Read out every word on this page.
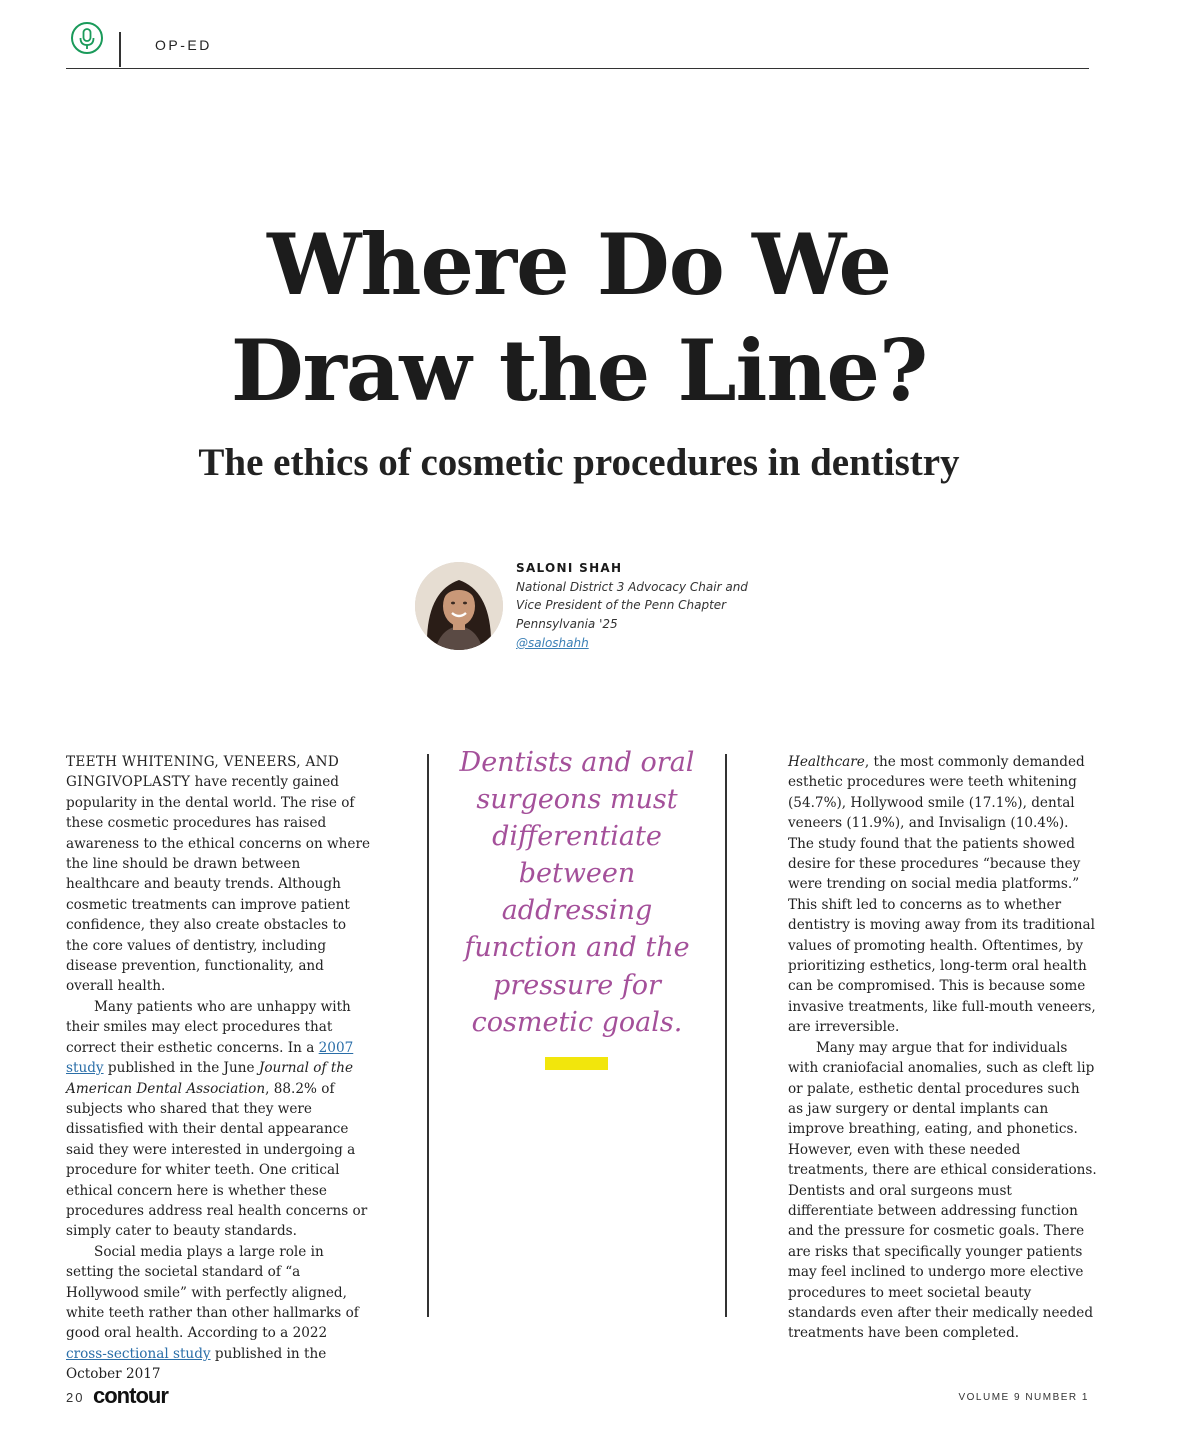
OP-ED
Where Do We
Draw the Line?
The ethics of cosmetic procedures in dentistry
SALONI SHAH
National District 3 Advocacy Chair and
Vice President of the Penn Chapter
Pennsylvania '25
@saloshahh

TEETH WHITENING, VENEERS, AND GINGIVOPLASTY have recently gained popularity in the dental world. The rise of these cosmetic procedures has raised awareness to the ethical concerns on where the line should be drawn between healthcare and beauty trends. Although cosmetic treatments can improve patient confidence, they also create obstacles to the core values of dentistry, including disease prevention, functionality, and overall health.

Many patients who are unhappy with their smiles may elect procedures that correct their esthetic concerns. In a 2007 study published in the June Journal of the American Dental Association, 88.2% of subjects who shared that they were dissatisfied with their dental appearance said they were interested in undergoing a procedure for whiter teeth. One critical ethical concern here is whether these procedures address real health concerns or simply cater to beauty standards.

Social media plays a large role in setting the societal standard of “a Hollywood smile” with perfectly aligned, white teeth rather than other hallmarks of good oral health. According to a 2022 cross-sectional study published in the October 2017

Dentists and oral surgeons must differentiate between addressing function and the pressure for cosmetic goals.

Healthcare, the most commonly demanded esthetic procedures were teeth whitening (54.7%), Hollywood smile (17.1%), dental veneers (11.9%), and Invisalign (10.4%). The study found that the patients showed desire for these procedures “because they were trending on social media platforms.” This shift led to concerns as to whether dentistry is moving away from its traditional values of promoting health. Oftentimes, by prioritizing esthetics, long-term oral health can be compromised. This is because some invasive treatments, like full-mouth veneers, are irreversible.

Many may argue that for individuals with craniofacial anomalies, such as cleft lip or palate, esthetic dental procedures such as jaw surgery or dental implants can improve breathing, eating, and phonetics. However, even with these needed treatments, there are ethical considerations. Dentists and oral surgeons must differentiate between addressing function and the pressure for cosmetic goals. There are risks that specifically younger patients may feel inclined to undergo more elective procedures to meet societal beauty standards even after their medically needed treatments have been completed.

20 contour	VOLUME 9 NUMBER 1
